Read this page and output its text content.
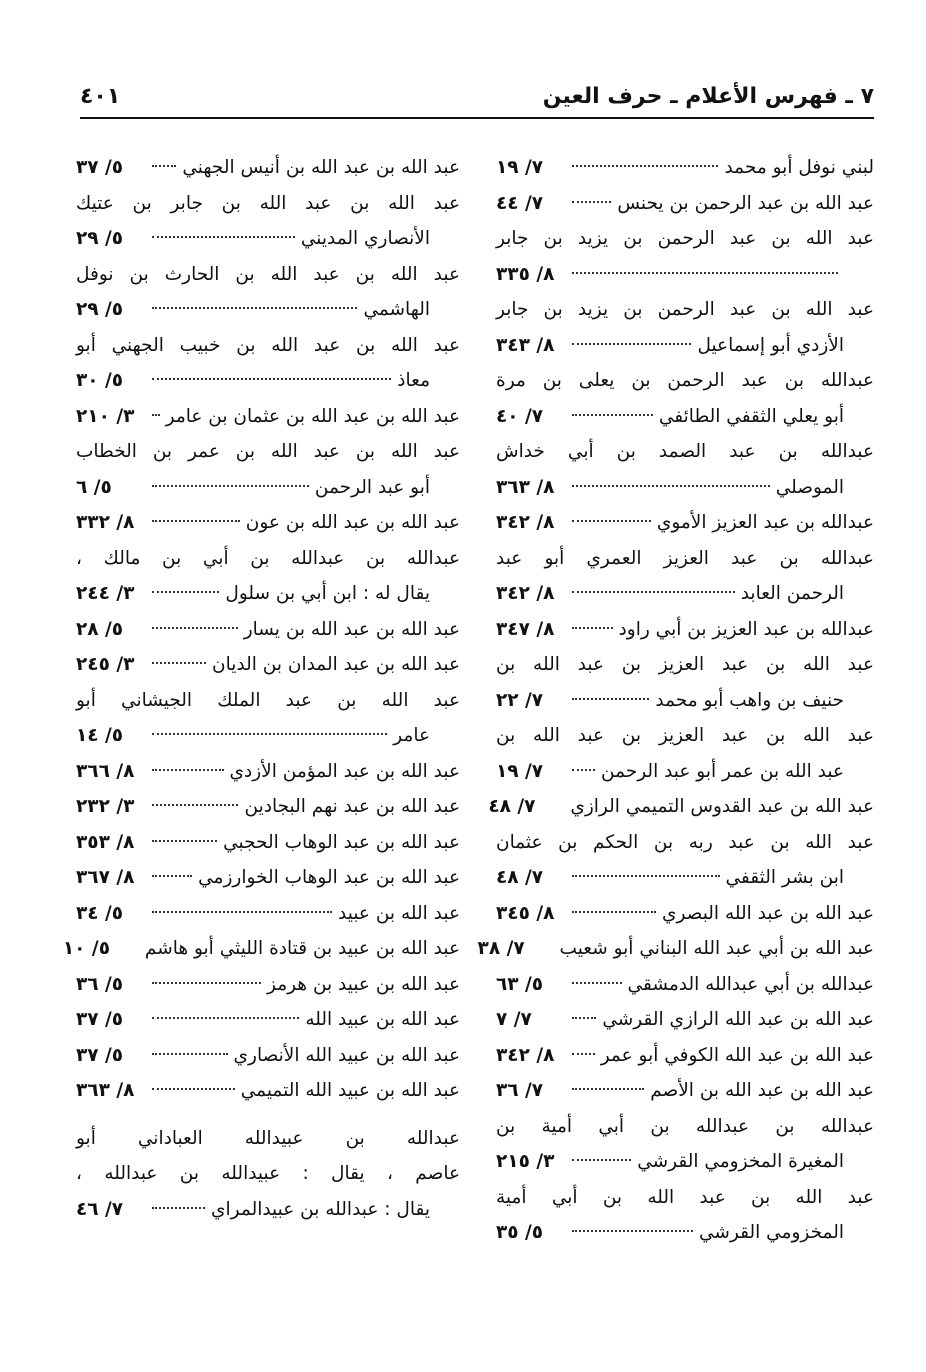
٧ ـ فهرس الأعلام ـ حرف العين
٤٠١
لبني نوفل أبو محمد
٧/ ١٩
عبد الله بن عبد الرحمن بن يحنس
٧/ ٤٤
عبد الله بن عبد الرحمن بن يزيد بن جابر
٨/ ٣٣٥
عبد الله بن عبد الرحمن بن يزيد بن جابر
الأزدي أبو إسماعيل
٨/ ٣٤٣
عبدالله بن عبد الرحمن بن يعلى بن مرة
أبو يعلي الثقفي الطائفي
٧/ ٤٠
عبدالله بن عبد الصمد بن أبي خداش
الموصلي
٨/ ٣٦٣
عبدالله بن عبد العزيز الأموي
٨/ ٣٤٢
عبدالله بن عبد العزيز العمري أبو عبد
الرحمن العابد
٨/ ٣٤٢
عبدالله بن عبد العزيز بن أبي راود
٨/ ٣٤٧
عبد الله بن عبد العزيز بن عبد الله بن
حنيف بن واهب أبو محمد
٧/ ٢٢
عبد الله بن عبد العزيز بن عبد الله بن
عبد الله بن عمر أبو عبد الرحمن
٧/ ١٩
عبد الله بن عبد القدوس التميمي الرازي
٧/ ٤٨
عبد الله بن عبد ربه بن الحكم بن عثمان
ابن بشر الثقفي
٧/ ٤٨
عبد الله بن عبد الله البصري
٨/ ٣٤٥
عبد الله بن أبي عبد الله البناني أبو شعيب
٧/ ٣٨
عبدالله بن أبي عبدالله الدمشقي
٥/ ٦٣
عبد الله بن عبد الله الرازي القرشي
٧/ ٧
عبد الله بن عبد الله الكوفي أبو عمر
٨/ ٣٤٢
عبد الله بن عبد الله بن الأصم
٧/ ٣٦
عبدالله بن عبدالله بن أبي أمية بن
المغيرة المخزومي القرشي
٣/ ٢١٥
عبد الله بن عبد الله بن أبي أمية
المخزومي القرشي
٥/ ٣٥
عبد الله بن عبد الله بن أنيس الجهني
٥/ ٣٧
عبد الله بن عبد الله بن جابر بن عتيك
الأنصاري المديني
٥/ ٢٩
عبد الله بن عبد الله بن الحارث بن نوفل
الهاشمي
٥/ ٢٩
عبد الله بن عبد الله بن خبيب الجهني أبو
معاذ
٥/ ٣٠
عبد الله بن عبد الله بن عثمان بن عامر
٣/ ٢١٠
عبد الله بن عبد الله بن عمر بن الخطاب
أبو عبد الرحمن
٥/ ٦
عبد الله بن عبد الله بن عون
٨/ ٣٣٢
عبدالله بن عبدالله بن أبي بن مالك ،
يقال له : ابن أبي بن سلول
٣/ ٢٤٤
عبد الله بن عبد الله بن يسار
٥/ ٢٨
عبد الله بن عبد المدان بن الديان
٣/ ٢٤٥
عبد الله بن عبد الملك الجيشاني أبو
عامر
٥/ ١٤
عبد الله بن عبد المؤمن الأزدي
٨/ ٣٦٦
عبد الله بن عبد نهم البجادين
٣/ ٢٣٢
عبد الله بن عبد الوهاب الحجبي
٨/ ٣٥٣
عبد الله بن عبد الوهاب الخوارزمي
٨/ ٣٦٧
عبد الله بن عبيد
٥/ ٣٤
عبد الله بن عبيد بن قتادة الليثي أبو هاشم
٥/ ١٠
عبد الله بن عبيد بن هرمز
٥/ ٣٦
عبد الله بن عبيد الله
٥/ ٣٧
عبد الله بن عبيد الله الأنصاري
٥/ ٣٧
عبد الله بن عبيد الله التميمي
٨/ ٣٦٣
عبدالله بن عبيدالله العباداني أبو
عاصم ، يقال : عبيدالله بن عبدالله ،
يقال : عبدالله بن عبيدالمراي
٧/ ٤٦
